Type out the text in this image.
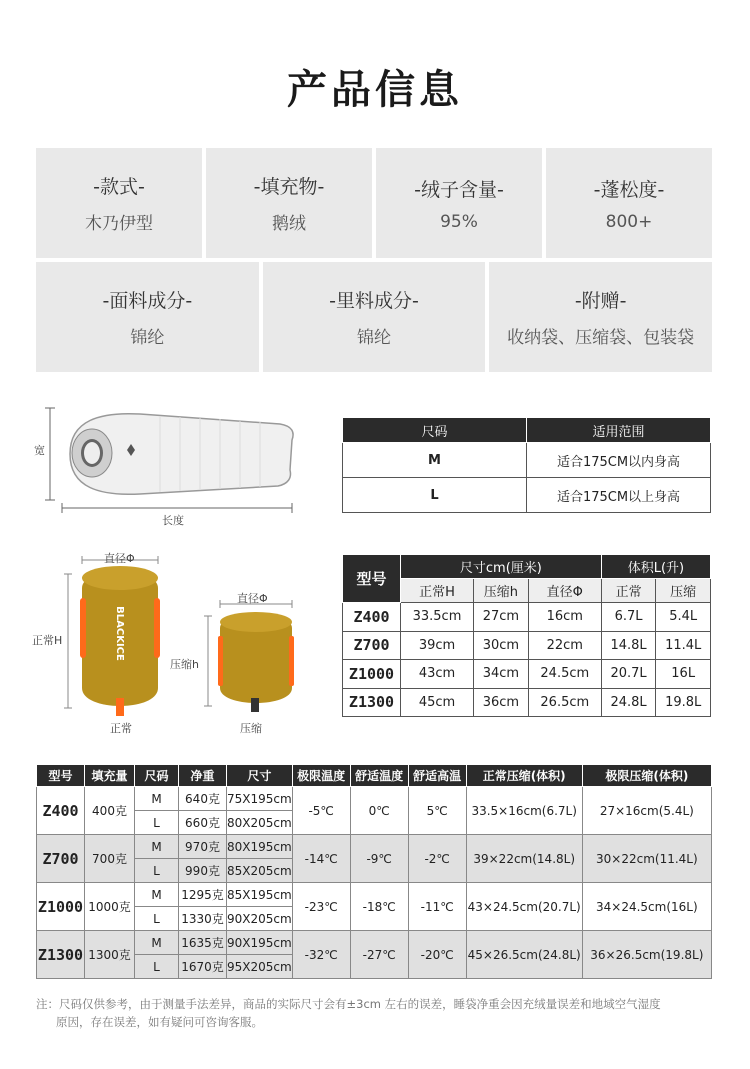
产品信息
-款式-
木乃伊型
-填充物-
鹅绒
-绒子含量-
95%
-蓬松度-
800+
-面料成分-
锦纶
-里料成分-
锦纶
-附赠-
收纳袋、压缩袋、包装袋
宽
长度
尺码	适用范围
M	适合175CM以内身高
L	适合175CM以上身高
直径Φ
直径Φ
正常H
压缩h
正常	压缩
BLACKICE
型号	尺寸cm(厘米)			体积L(升)	
	正常H	压缩h	直径Φ	正常	压缩
Z400	33.5cm	27cm	16cm	6.7L	5.4L
Z700	39cm	30cm	22cm	14.8L	11.4L
Z1000	43cm	34cm	24.5cm	20.7L	16L
Z1300	45cm	36cm	26.5cm	24.8L	19.8L
型号	填充量	尺码	净重	尺寸	极限温度	舒适温度	舒适高温	正常压缩(体积)	极限压缩(体积)
Z400	400克	M	640克	75X195cm	-5℃	0℃	5℃	33.5×16cm(6.7L)	27×16cm(5.4L)
		L	660克	80X205cm					
Z700	700克	M	970克	80X195cm	-14℃	-9℃	-2℃	39×22cm(14.8L)	30×22cm(11.4L)
		L	990克	85X205cm					
Z1000	1000克	M	1295克	85X195cm	-23℃	-18℃	-11℃	43×24.5cm(20.7L)	34×24.5cm(16L)
		L	1330克	90X205cm					
Z1300	1300克	M	1635克	90X195cm	-32℃	-27℃	-20℃	45×26.5cm(24.8L)	36×26.5cm(19.8L)
		L	1670克	95X205cm					
注：尺码仅供参考，由于测量手法差异，商品的实际尺寸会有±3cm 左右的误差，睡袋净重会因充绒量误差和地域空气湿度
原因，存在误差，如有疑问可咨询客服。
